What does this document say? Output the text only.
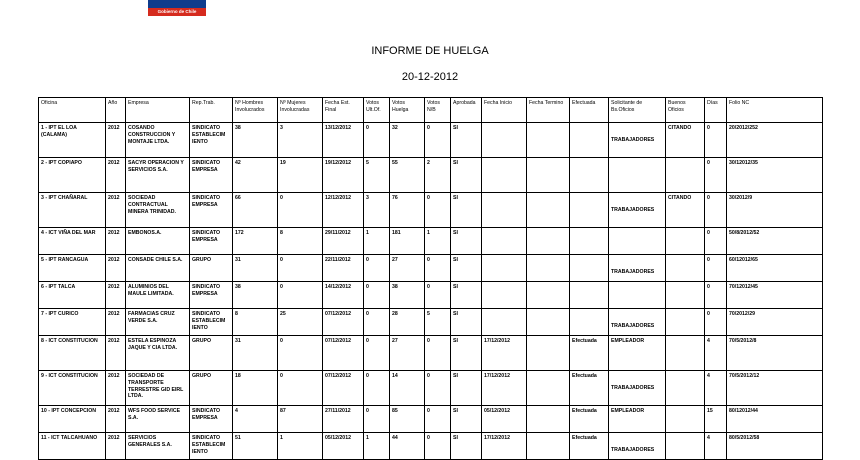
Gobierno de Chile
INFORME DE HUELGA
20-12-2012
Oficina	Año	Empresa	Rep.Trab.	Nº Hombres Involucrados	Nº Mujeres Involucradas	Fecha Est. Final	Votos Ult.Of.	Votos Huelga	Votos N/B	Aprobada	Fecha Inicio	Fecha Termino	Efectuada	Solicitante de Bs.Oficios	Buenos Oficios	Días	Folio NC
1 - IPT EL LOA (CALAMA)	2012	COSANDO CONSTRUCCION Y MONTAJE LTDA.	SINDICATO ESTABLECIM IENTO	38	3	13/12/2012	0	32	0	SI				TRABAJADORES	CITANDO	0	20/2012/252
2 - IPT COPIAPO	2012	SACYR OPERACION Y SERVICIOS S.A.	SINDICATO EMPRESA	42	19	19/12/2012	5	55	2	SI						0	30/12012/35
3 - IPT CHAÑARAL	2012	SOCIEDAD CONTRACTUAL MINERA TRINIDAD.	SINDICATO EMPRESA	66	0	12/12/2012	3	76	0	SI				TRABAJADORES	CITANDO	0	30/2012/9
4 - ICT VIÑA DEL MAR	2012	EMBONOS.A.	SINDICATO EMPRESA	172	8	29/11/2012	1	181	1	SI						0	50/8/2012/52
5 - IPT RANCAGUA	2012	CONSADE CHILE S.A.	GRUPO	31	0	22/11/2012	0	27	0	SI				TRABAJADORES		0	60/12012/65
6 - IPT TALCA	2012	ALUMINIOS DEL MAULE LIMITADA.	SINDICATO EMPRESA	38	0	14/12/2012	0	38	0	SI						0	70/12012/45
7 - IPT CURICO	2012	FARMACIAS CRUZ VERDE S.A.	SINDICATO ESTABLECIM IENTO	8	25	07/12/2012	0	28	5	SI				TRABAJADORES		0	70/2012/29
8 - ICT CONSTITUCION	2012	ESTELA ESPINOZA JAQUE Y CIA LTDA.	GRUPO	31	0	07/12/2012	0	27	0	SI	17/12/2012		Efectuada	EMPLEADOR		4	70/5/2012/8
9 - ICT CONSTITUCION	2012	SOCIEDAD DE TRANSPORTE TERRESTRE GID EIRL LTDA.	GRUPO	18	0	07/12/2012	0	14	0	SI	17/12/2012		Efectuada	TRABAJADORES		4	70/5/2012/12
10 - IPT CONCEPCION	2012	WFS FOOD SERVICE S.A.	SINDICATO EMPRESA	4	87	27/11/2012	0	85	0	SI	05/12/2012		Efectuada	EMPLEADOR		15	80/12012/44
11 - ICT TALCAHUANO	2012	SERVICIOS GENERALES S.A.	SINDICATO ESTABLECIM IENTO	51	1	05/12/2012	1	44	0	SI	17/12/2012		Efectuada	TRABAJADORES		4	80/5/2012/58
